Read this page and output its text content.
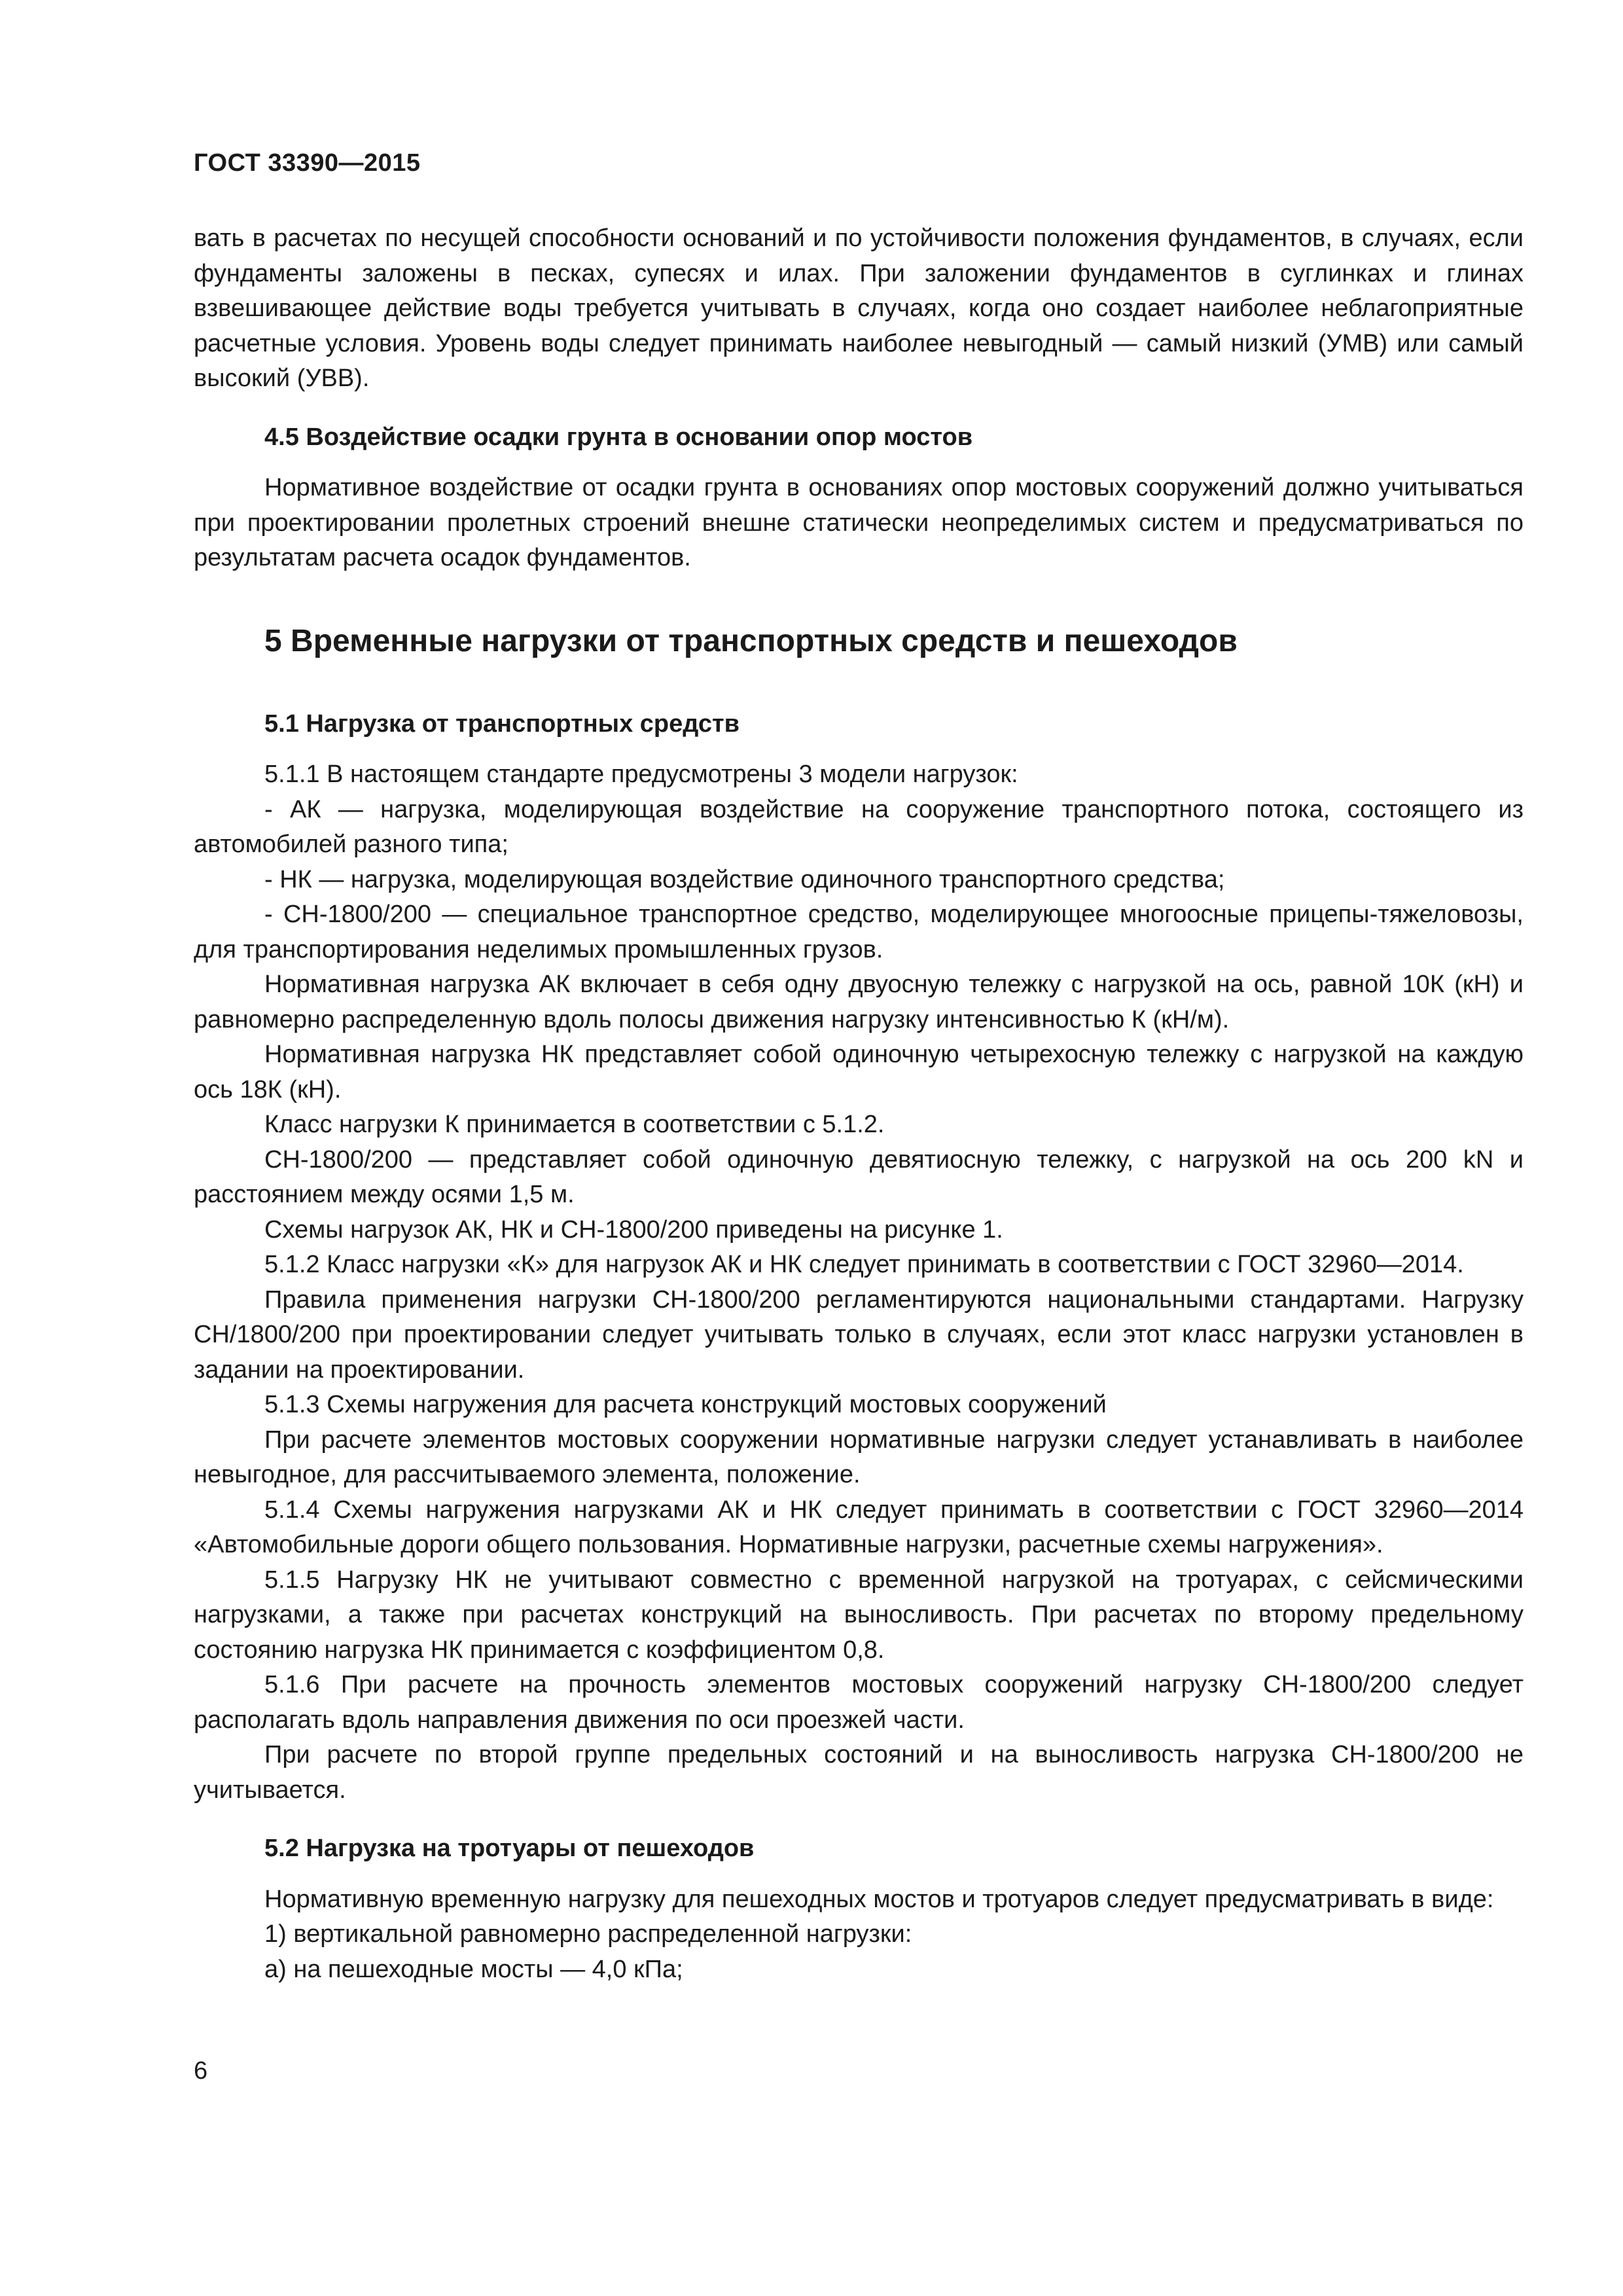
ГОСТ 33390—2015

вать в расчетах по несущей способности оснований и по устойчивости положения фундаментов, в случаях, если фундаменты заложены в песках, супесях и илах. При заложении фундаментов в суглинках и глинах взвешивающее действие воды требуется учитывать в случаях, когда оно создает наиболее неблагоприятные расчетные условия. Уровень воды следует принимать наиболее невыгодный — самый низкий (УМВ) или самый высокий (УВВ).

4.5 Воздействие осадки грунта в основании опор мостов

Нормативное воздействие от осадки грунта в основаниях опор мостовых сооружений должно учитываться при проектировании пролетных строений внешне статически неопределимых систем и предусматриваться по результатам расчета осадок фундаментов.

5 Временные нагрузки от транспортных средств и пешеходов

5.1 Нагрузка от транспортных средств

5.1.1 В настоящем стандарте предусмотрены 3 модели нагрузок:

- АК — нагрузка, моделирующая воздействие на сооружение транспортного потока, состоящего из автомобилей разного типа;

- НК — нагрузка, моделирующая воздействие одиночного транспортного средства;

- СН-1800/200 — специальное транспортное средство, моделирующее многоосные прицепы-тяжеловозы, для транспортирования неделимых промышленных грузов.

Нормативная нагрузка АК включает в себя одну двуосную тележку с нагрузкой на ось, равной 10К (кН) и равномерно распределенную вдоль полосы движения нагрузку интенсивностью К (кН/м).

Нормативная нагрузка НК представляет собой одиночную четырехосную тележку с нагрузкой на каждую ось 18К (кН).

Класс нагрузки К принимается в соответствии с 5.1.2.

СН-1800/200 — представляет собой одиночную девятиосную тележку, с нагрузкой на ось 200 kN и расстоянием между осями 1,5 м.

Схемы нагрузок АК, НК и СН-1800/200 приведены на рисунке 1.

5.1.2 Класс нагрузки «К» для нагрузок АК и НК следует принимать в соответствии с ГОСТ 32960—2014.

Правила применения нагрузки СН-1800/200 регламентируются национальными стандартами. Нагрузку СН/1800/200 при проектировании следует учитывать только в случаях, если этот класс нагрузки установлен в задании на проектировании.

5.1.3 Схемы нагружения для расчета конструкций мостовых сооружений

При расчете элементов мостовых сооружении нормативные нагрузки следует устанавливать в наиболее невыгодное, для рассчитываемого элемента, положение.

5.1.4 Схемы нагружения нагрузками АК и НК следует принимать в соответствии с ГОСТ 32960—2014 «Автомобильные дороги общего пользования. Нормативные нагрузки, расчетные схемы нагружения».

5.1.5 Нагрузку НК не учитывают совместно с временной нагрузкой на тротуарах, с сейсмическими нагрузками, а также при расчетах конструкций на выносливость. При расчетах по второму предельному состоянию нагрузка НК принимается с коэффициентом 0,8.

5.1.6 При расчете на прочность элементов мостовых сооружений нагрузку СН-1800/200 следует располагать вдоль направления движения по оси проезжей части.

При расчете по второй группе предельных состояний и на выносливость нагрузка СН-1800/200 не учитывается.

5.2 Нагрузка на тротуары от пешеходов

Нормативную временную нагрузку для пешеходных мостов и тротуаров следует предусматривать в виде:

1) вертикальной равномерно распределенной нагрузки:

а) на пешеходные мосты — 4,0 кПа;

6
